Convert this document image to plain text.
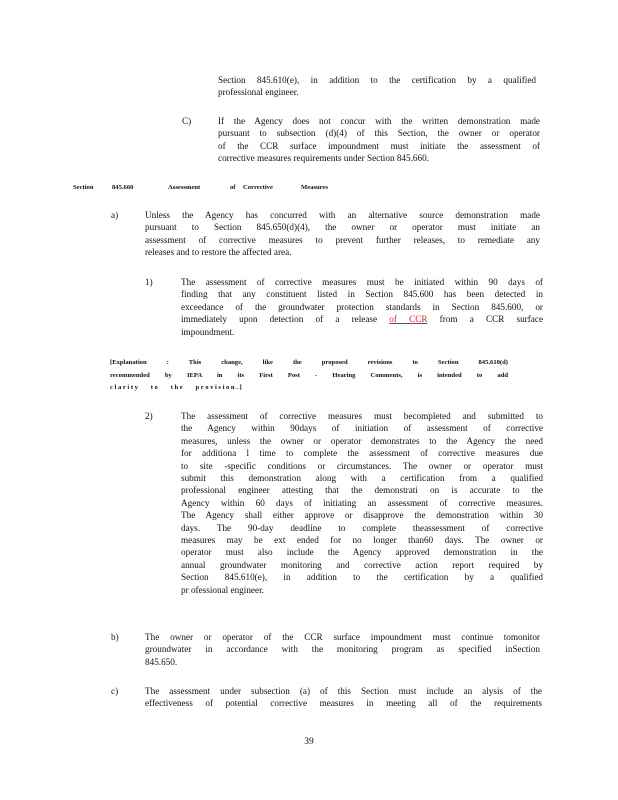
Section 845.610(e), in addition to the certification by a qualified
professional engineer.
C)	If the Agency does not concur with the written demonstration made
pursuant to subsection (d)(4) of this Section, the owner or operator
of the CCR surface impoundment must initiate the assessment of
corrective measures requirements under Section 845.660.
Section	845.660	Assessment	of Corrective	Measures
a)	Unless the Agency has concurred with an alternative source demonstration made
pursuant to Section 845.650(d)(4), the owner or operator must initiate an
assessment of corrective measures to prevent further releases, to remediate any
releases and to restore the affected area.
1)	The assessment of corrective measures must be initiated within 90 days of
finding that any constituent listed in Section 845.600 has been detected in
exceedance of the groundwater protection standards in Section 845.600, or
immediately upon detection of a release of CCR from a CCR surface
impoundment.
[Explanation : This change, like the proposed revisions to Section 845.610(d)
recommended by IEPA in its First Post - Hearing Comments, is intended to add
clarity to the provision.]
2)	The assessment of corrective measures must becompleted and submitted to
the Agency within 90days of initiation of assessment of corrective
measures, unless the owner or operator demonstrates to the Agency the need
for additiona l time to complete the assessment of corrective measures due
to site -specific conditions or circumstances. The owner or operator must
submit this demonstration along with a certification from a qualified
professional engineer attesting that the demonstrati on is accurate to the
Agency within 60 days of initiating an assessment of corrective measures.
The Agency shall either approve or disapprove the demonstration within 30
days. The 90-day deadline to complete theassessment of corrective
measures may be ext ended for no longer than60 days. The owner or
operator must also include the Agency approved demonstration in the
annual groundwater monitoring and corrective action report required by
Section 845.610(e), in addition to the certification by a qualified
pr ofessional engineer.
b)	The owner or operator of the CCR surface impoundment must continue tomonitor
groundwater in accordance with the monitoring program as specified inSection
845.650.
c)	The assessment under subsection (a) of this Section must include an alysis of the
effectiveness of potential corrective measures in meeting all of the requirements
39
